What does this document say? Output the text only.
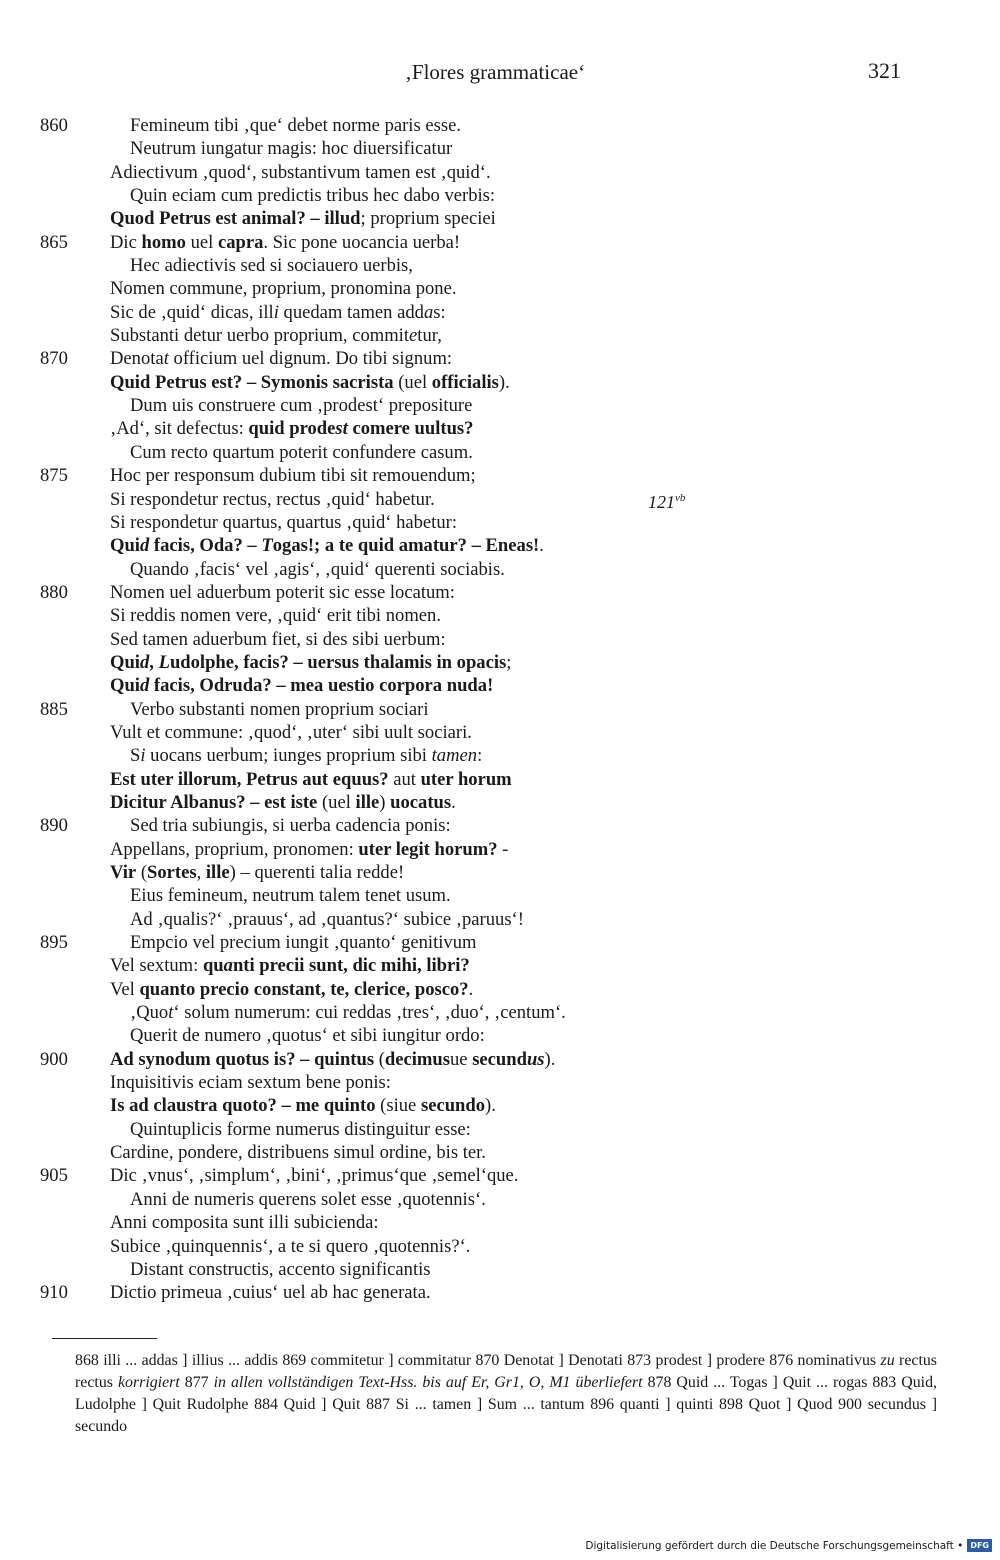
‚Flores grammaticae‘	321
860	Femineum tibi ‚que‘ debet norme paris esse.
Neutrum iungatur magis: hoc diuersificatur
Adiectivum ‚quod‘, substantivum tamen est ‚quid‘.
Quin eciam cum predictis tribus hec dabo verbis:
Quod Petrus est animal? – illud; proprium speciei
865	Dic homo uel capra. Sic pone uocancia uerba!
Hec adiectivis sed si sociauero uerbis,
Nomen commune, proprium, pronomina pone.
Sic de ‚quid‘ dicas, illi quedam tamen addas:
Substanti detur uerbo proprium, commitetur,
870	Denotat officium uel dignum. Do tibi signum:
Quid Petrus est? – Symonis sacrista (uel officialis).
Dum uis construere cum ‚prodest‘ prepositure
‚Ad‘, sit defectus: quid prodest comere uultus?
Cum recto quartum poterit confundere casum.
875	Hoc per responsum dubium tibi sit remouendum;
Si respondetur rectus, rectus ‚quid‘ habetur.
Si respondetur quartus, quartus ‚quid‘ habetur:
Quid facis, Oda? – Togas!; a te quid amatur? – Eneas!.
Quando ‚facis‘ vel ‚agis‘, ‚quid‘ querenti sociabis.
880	Nomen uel aduerbum poterit sic esse locatum:
Si reddis nomen vere, ‚quid‘ erit tibi nomen.
Sed tamen aduerbum fiet, si des sibi uerbum:
Quid, Ludolphe, facis? – uersus thalamis in opacis;
Quid facis, Odruda? – mea uestio corpora nuda!
885	Verbo substanti nomen proprium sociari
Vult et commune: ‚quod‘, ‚uter‘ sibi uult sociari.
Si uocans uerbum; iunges proprium sibi tamen:
Est uter illorum, Petrus aut equus? aut uter horum
Dicitur Albanus? – est iste (uel ille) uocatus.
890	Sed tria subiungis, si uerba cadencia ponis:
Appellans, proprium, pronomen: uter legit horum? -
Vir (Sortes, ille) – querenti talia redde!
Eius femineum, neutrum talem tenet usum.
Ad ‚qualis?‘ ‚prauus‘, ad ‚quantus?‘ subice ‚paruus‘!
895	Empcio vel precium iungit ‚quanto‘ genitivum
Vel sextum: quanti precii sunt, dic mihi, libri?
Vel quanto precio constant, te, clerice, posco?.
‚Quot‘ solum numerum: cui reddas ‚tres‘, ‚duo‘, ‚centum‘.
Querit de numero ‚quotus‘ et sibi iungitur ordo:
900	Ad synodum quotus is? – quintus (decimusue secundus).
Inquisitivis eciam sextum bene ponis:
Is ad claustra quoto? – me quinto (siue secundo).
Quintuplicis forme numerus distinguitur esse:
Cardine, pondere, distribuens simul ordine, bis ter.
905	Dic ‚vnus‘, ‚simplum‘, ‚bini‘, ‚primus‘que ‚semel‘que.
Anni de numeris querens solet esse ‚quotennis‘.
Anni composita sunt illi subicienda:
Subice ‚quinquennis‘, a te si quero ‚quotennis?‘.
Distant constructis, accento significantis
910	Dictio primeua ‚cuius‘ uel ab hac generata.
$121^{vb}$
868 illi ... addas ] illius ... addis 869 commitetur ] commitatur 870 Denotat ] Denotati 873 prodest ] prodere 876 nominativus zu rectus rectus korrigiert 877 in allen vollständigen Text-Hss. bis auf Er, Gr1, O, M1 überliefert 878 Quid ... Togas ] Quit ... rogas 883 Quid, Ludolphe ] Quit Rudolphe 884 Quid ] Quit 887 Si ... tamen ] Sum ... tantum 896 quanti ] quinti 898 Quot ] Quod 900 secundus ] secundo
Digitalisierung gefördert durch die Deutsche Forschungsgemeinschaft • DFG
